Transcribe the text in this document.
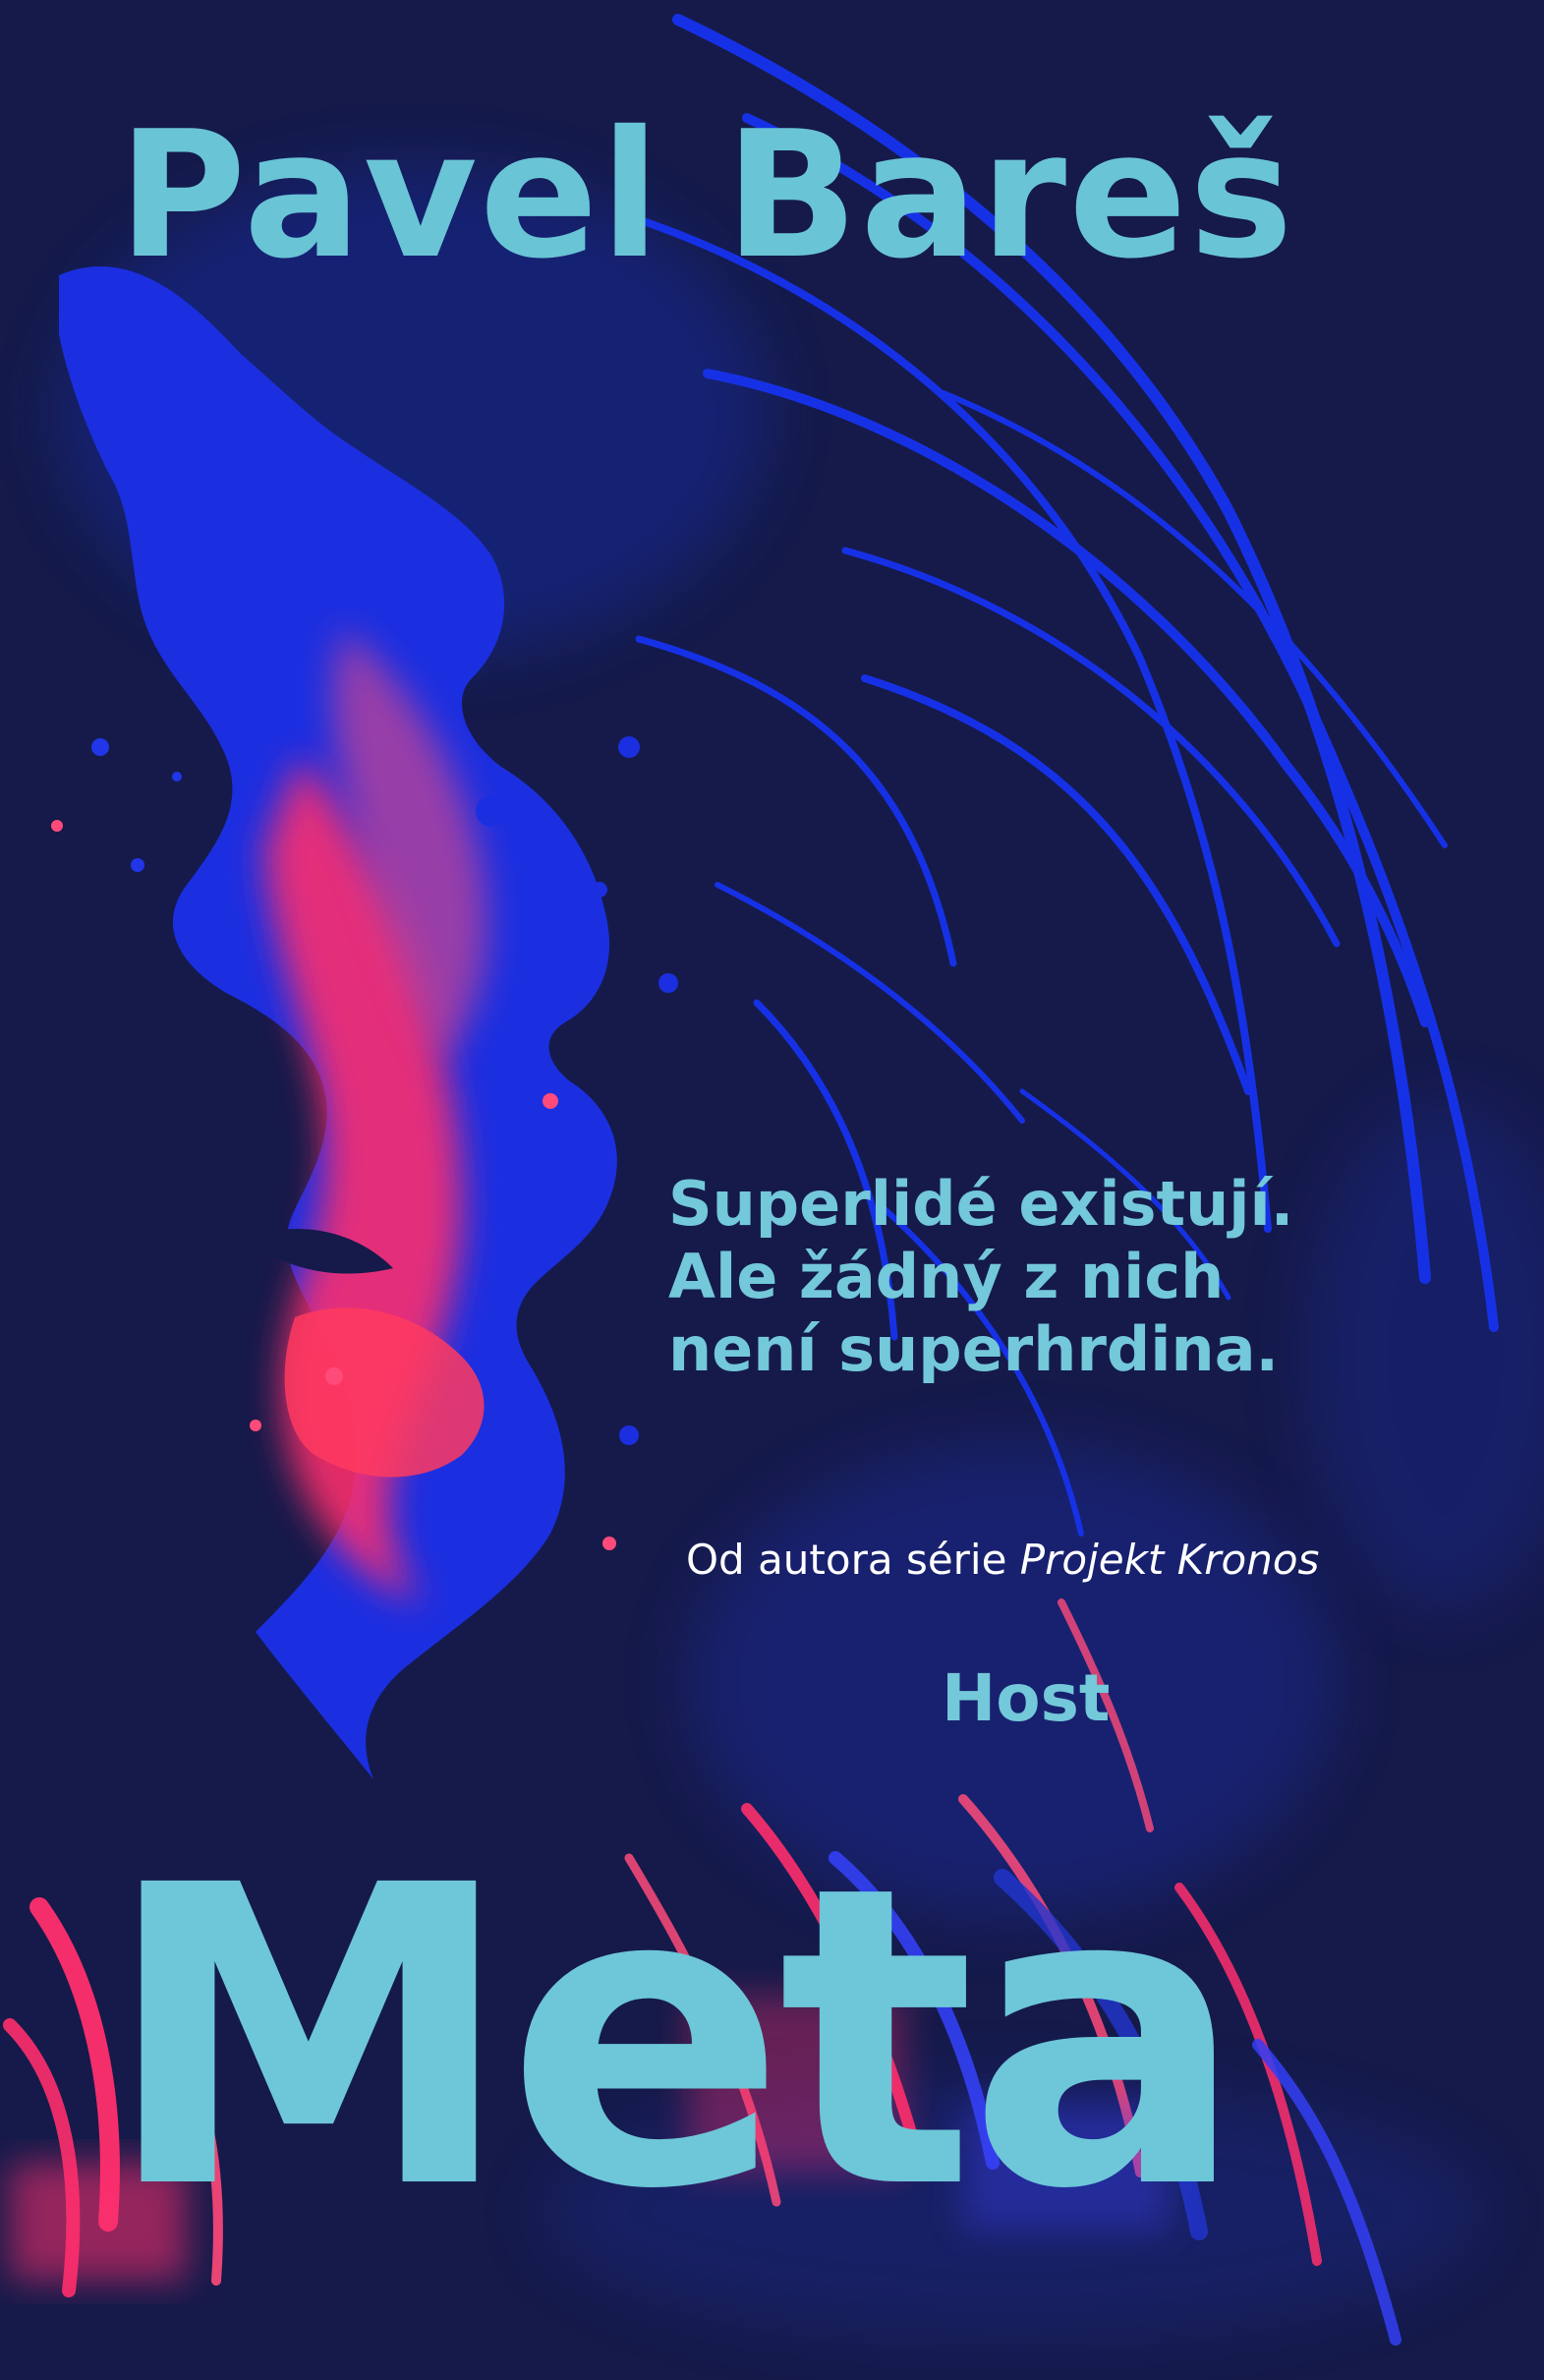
Pavel Bareš
Superlidé existují.
Ale žádný z nich
není superhrdina.
Od autora série Projekt Kronos
Host
Meta
